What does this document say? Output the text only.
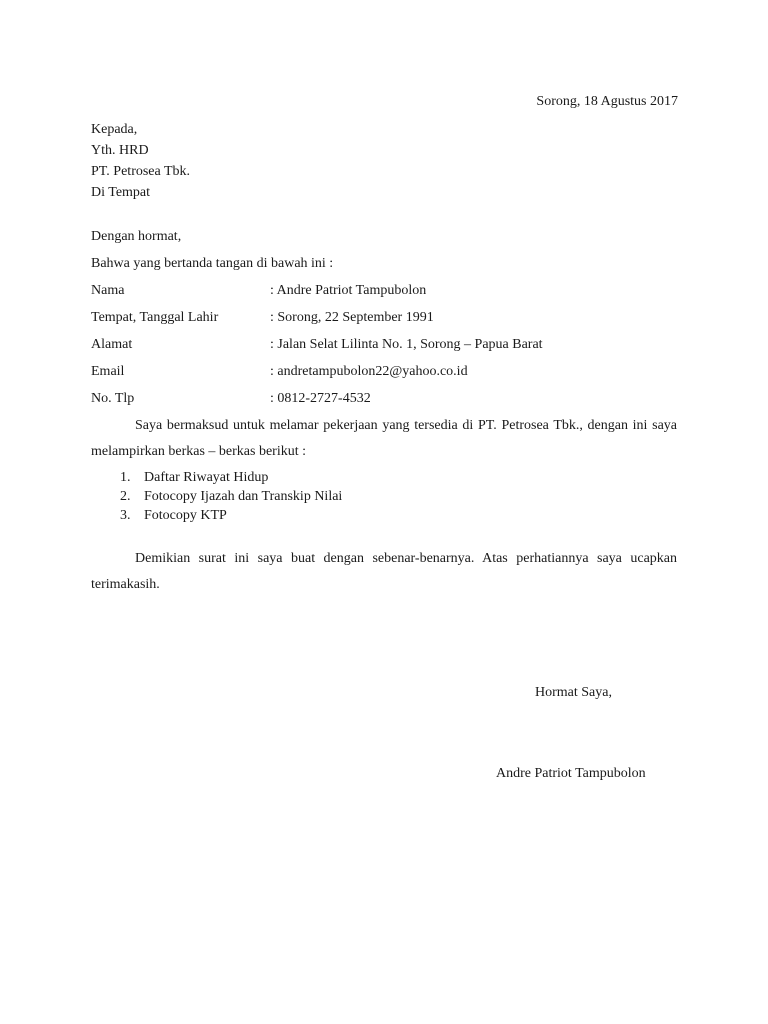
Sorong, 18 Agustus 2017
Kepada,
Yth. HRD
PT. Petrosea Tbk.
Di Tempat
Dengan hormat,
Bahwa yang bertanda tangan di bawah ini :
Nama	: Andre Patriot Tampubolon
Tempat, Tanggal Lahir	: Sorong, 22 September 1991
Alamat	: Jalan Selat Lilinta No. 1, Sorong – Papua Barat
Email	: andretampubolon22@yahoo.co.id
No. Tlp	: 0812-2727-4532
Saya bermaksud untuk melamar pekerjaan yang tersedia di PT. Petrosea Tbk., dengan ini saya melampirkan berkas – berkas berikut :
1. Daftar Riwayat Hidup
2. Fotocopy Ijazah dan Transkip Nilai
3. Fotocopy KTP
Demikian surat ini saya buat dengan sebenar-benarnya. Atas perhatiannya saya ucapkan terimakasih.
Hormat Saya,
Andre Patriot Tampubolon
